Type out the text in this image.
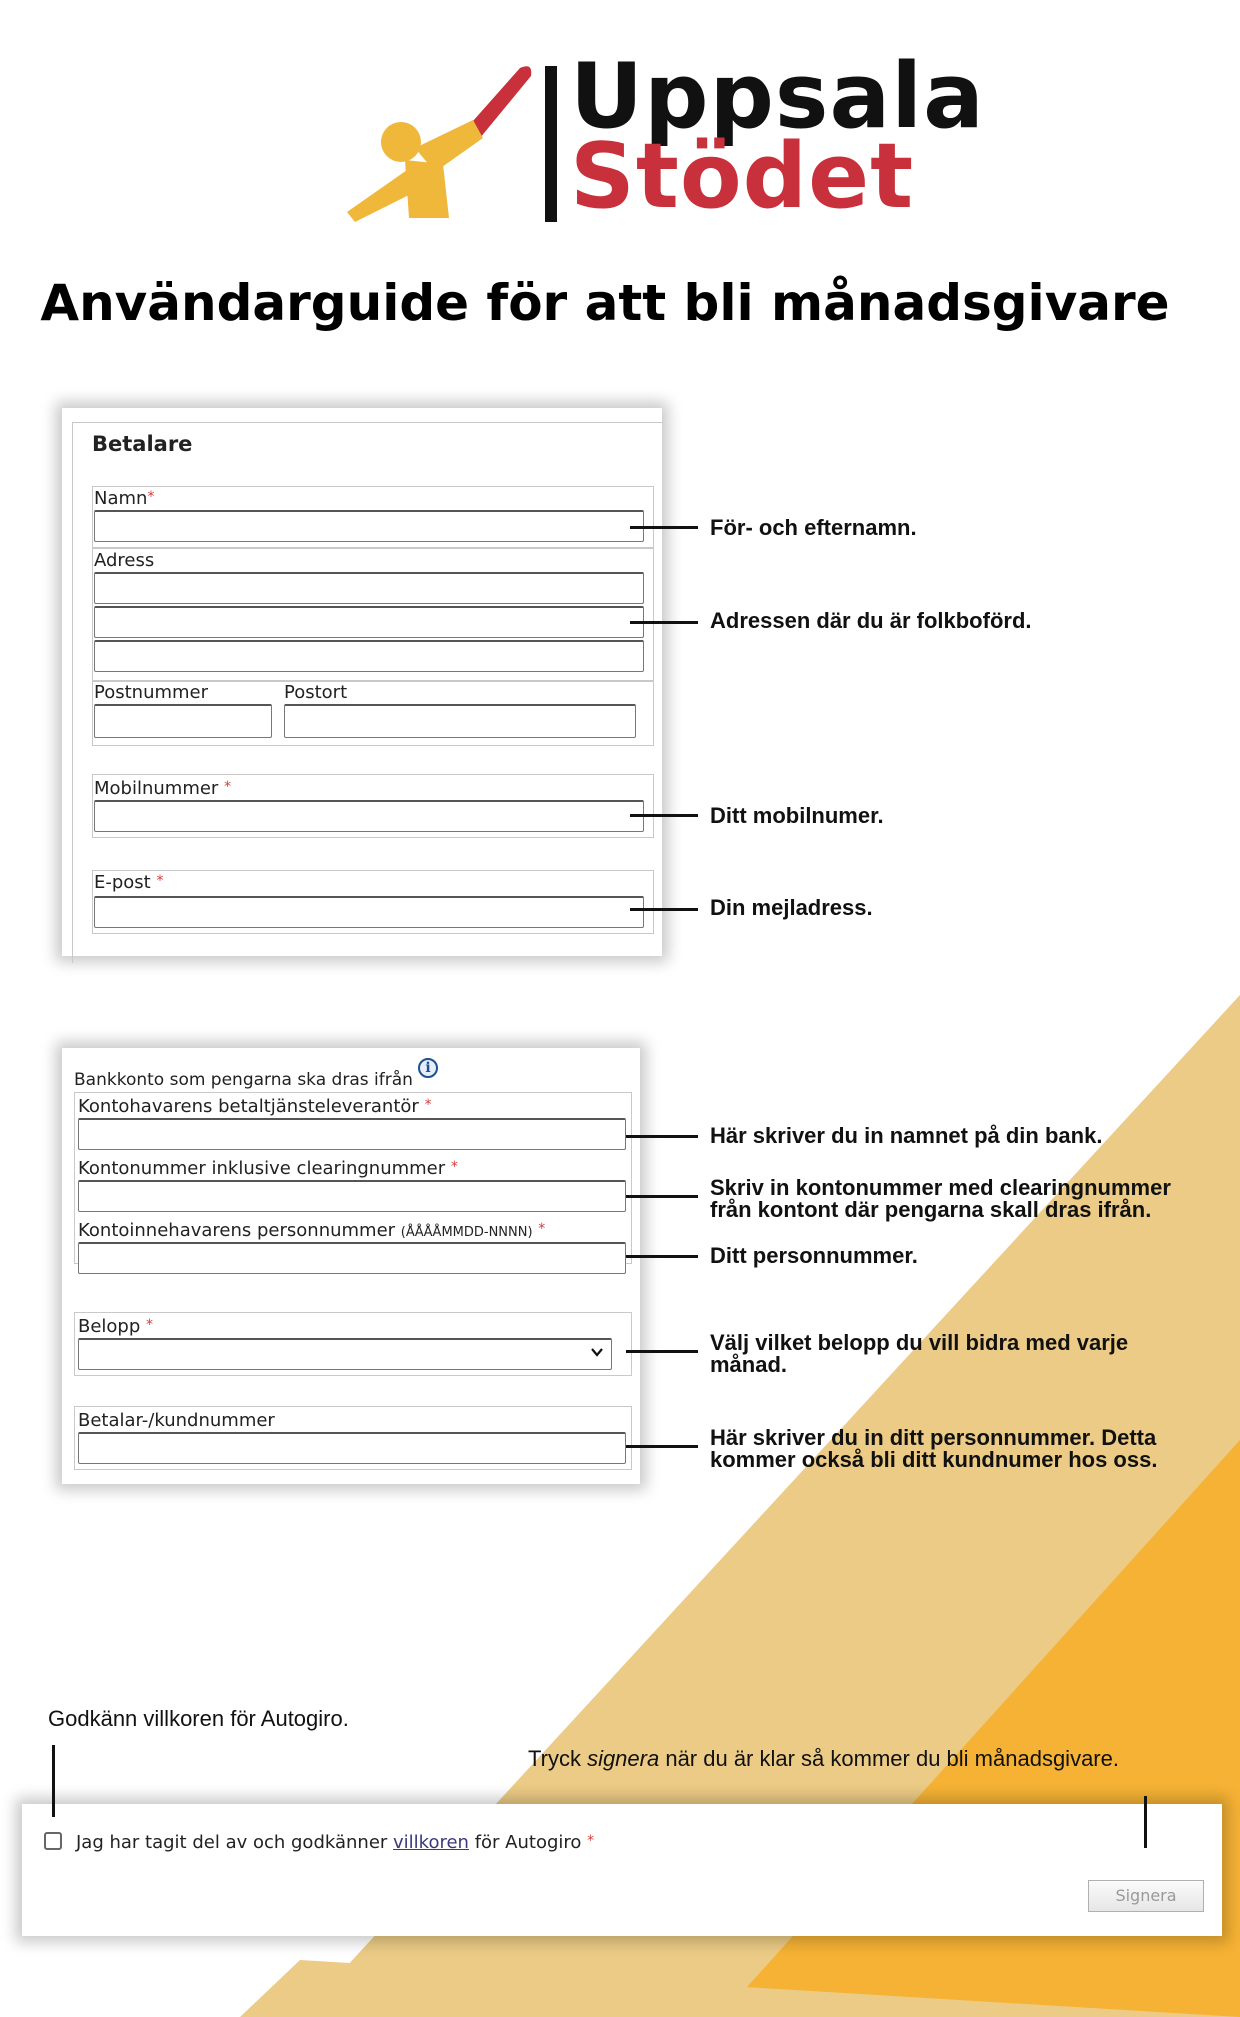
Uppsala
Stödet
Användarguide för att bli månadsgivare
Betalare
Namn*
Adress
Postnummer	Postort
Mobilnummer *
E-post *
För- och efternamn.
Adressen där du är folkboförd.
Ditt mobilnumer.
Din mejladress.
Bankkonto som pengarna ska dras ifrån
i
Kontohavarens betaltjänsteleverantör *
Kontonummer inklusive clearingnummer *
Kontoinnehavarens personnummer (ÅÅÅÅMMDD-NNNN) *
Belopp *
Betalar-/kundnummer
Här skriver du in namnet på din bank.
Skriv in kontonummer med clearingnummer
från kontont där pengarna skall dras ifrån.
Ditt personnummer.
Välj vilket belopp du vill bidra med varje
månad.
Här skriver du in ditt personnummer. Detta
kommer också bli ditt kundnumer hos oss.
Godkänn villkoren för Autogiro.
Tryck signera när du är klar så kommer du bli månadsgivare.
Jag har tagit del av och godkänner villkoren för Autogiro *
Signera
